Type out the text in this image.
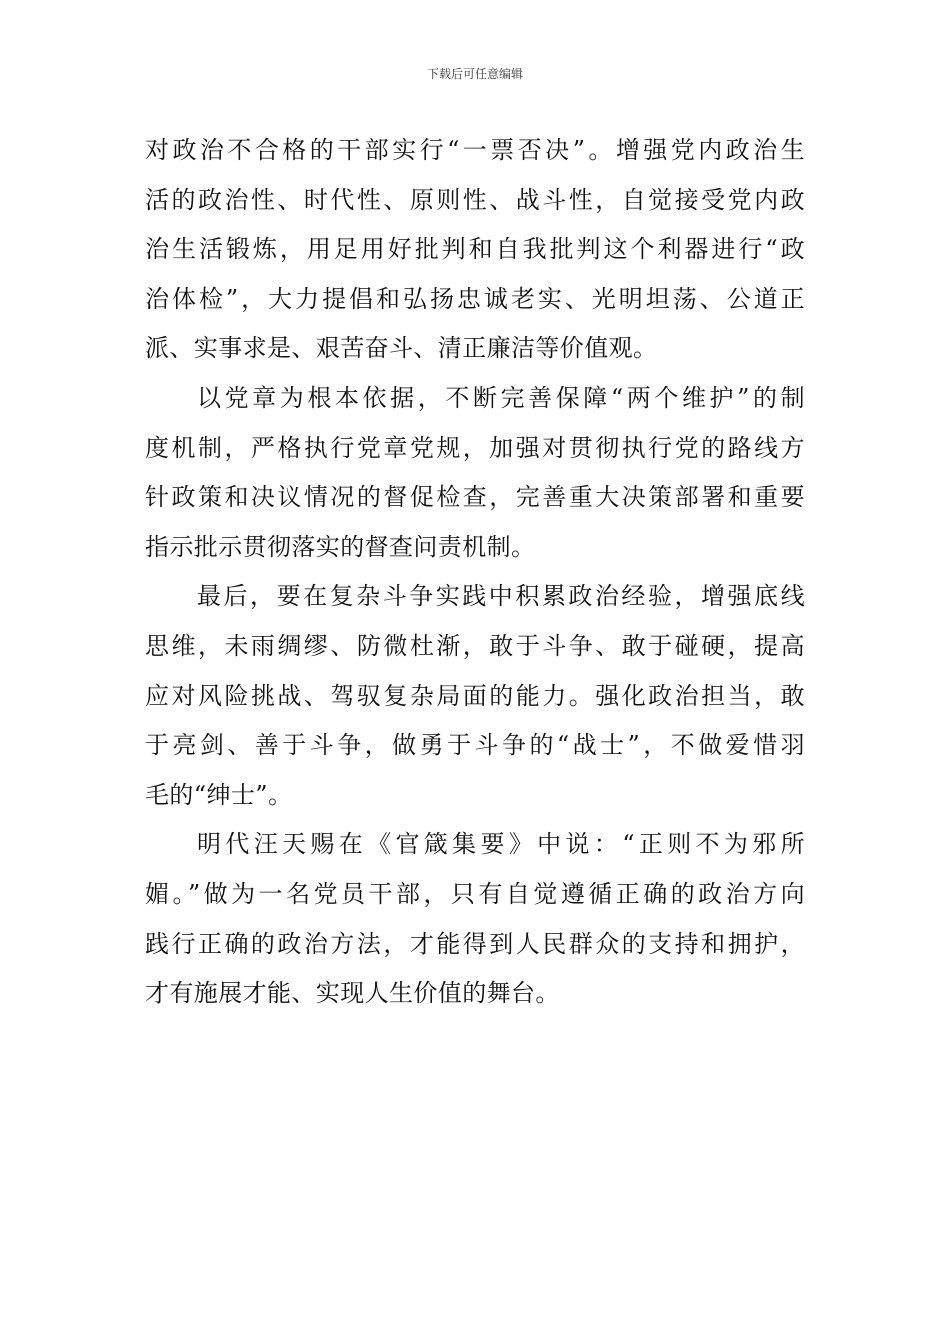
下载后可任意编辑
对政治不合格的干部实行“一票否决”。增强党内政治生
活的政治性、时代性、原则性、战斗性，自觉接受党内政
治生活锻炼，用足用好批判和自我批判这个利器进行“政
治体检”，大力提倡和弘扬忠诚老实、光明坦荡、公道正
派、实事求是、艰苦奋斗、清正廉洁等价值观。
以党章为根本依据，不断完善保障“两个维护”的制
度机制，严格执行党章党规，加强对贯彻执行党的路线方
针政策和决议情况的督促检查，完善重大决策部署和重要
指示批示贯彻落实的督查问责机制。
最后，要在复杂斗争实践中积累政治经验，增强底线
思维，未雨绸缪、防微杜渐，敢于斗争、敢于碰硬，提高
应对风险挑战、驾驭复杂局面的能力。强化政治担当，敢
于亮剑、善于斗争，做勇于斗争的“战士”，不做爱惜羽
毛的“绅士”。
明代汪天赐在《官箴集要》中说：“正则不为邪所
媚。”做为一名党员干部，只有自觉遵循正确的政治方向
践行正确的政治方法，才能得到人民群众的支持和拥护，
才有施展才能、实现人生价值的舞台。
